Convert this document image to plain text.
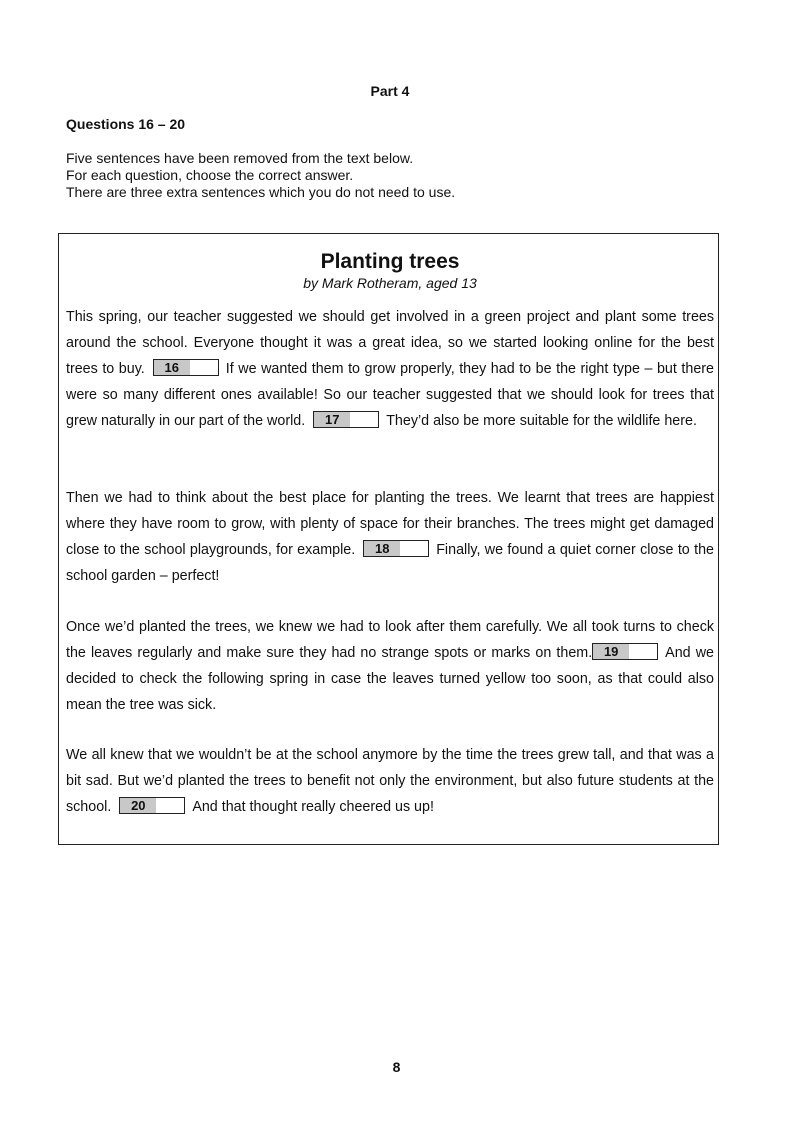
Part 4
Questions 16 – 20
Five sentences have been removed from the text below.
For each question, choose the correct answer.
There are three extra sentences which you do not need to use.
Planting trees
by Mark Rotheram, aged 13
This spring, our teacher suggested we should get involved in a green project and plant some trees around the school. Everyone thought it was a great idea, so we started looking online for the best trees to buy.	16	If we wanted them to grow properly, they had to be the right type – but there were so many different ones available! So our teacher suggested that we should look for trees that grew naturally in our part of the world.	17	They’d also be more suitable for the wildlife here.
Then we had to think about the best place for planting the trees. We learnt that trees are happiest where they have room to grow, with plenty of space for their branches. The trees might get damaged close to the school playgrounds, for example.	18	Finally, we found a quiet corner close to the school garden – perfect!
Once we’d planted the trees, we knew we had to look after them carefully. We all took turns to check the leaves regularly and make sure they had no strange spots or marks on them. 19	And we decided to check the following spring in case the leaves turned yellow too soon, as that could also mean the tree was sick.
We all knew that we wouldn’t be at the school anymore by the time the trees grew tall, and that was a bit sad. But we’d planted the trees to benefit not only the environment, but also future students at the school.	20	And that thought really cheered us up!
8
